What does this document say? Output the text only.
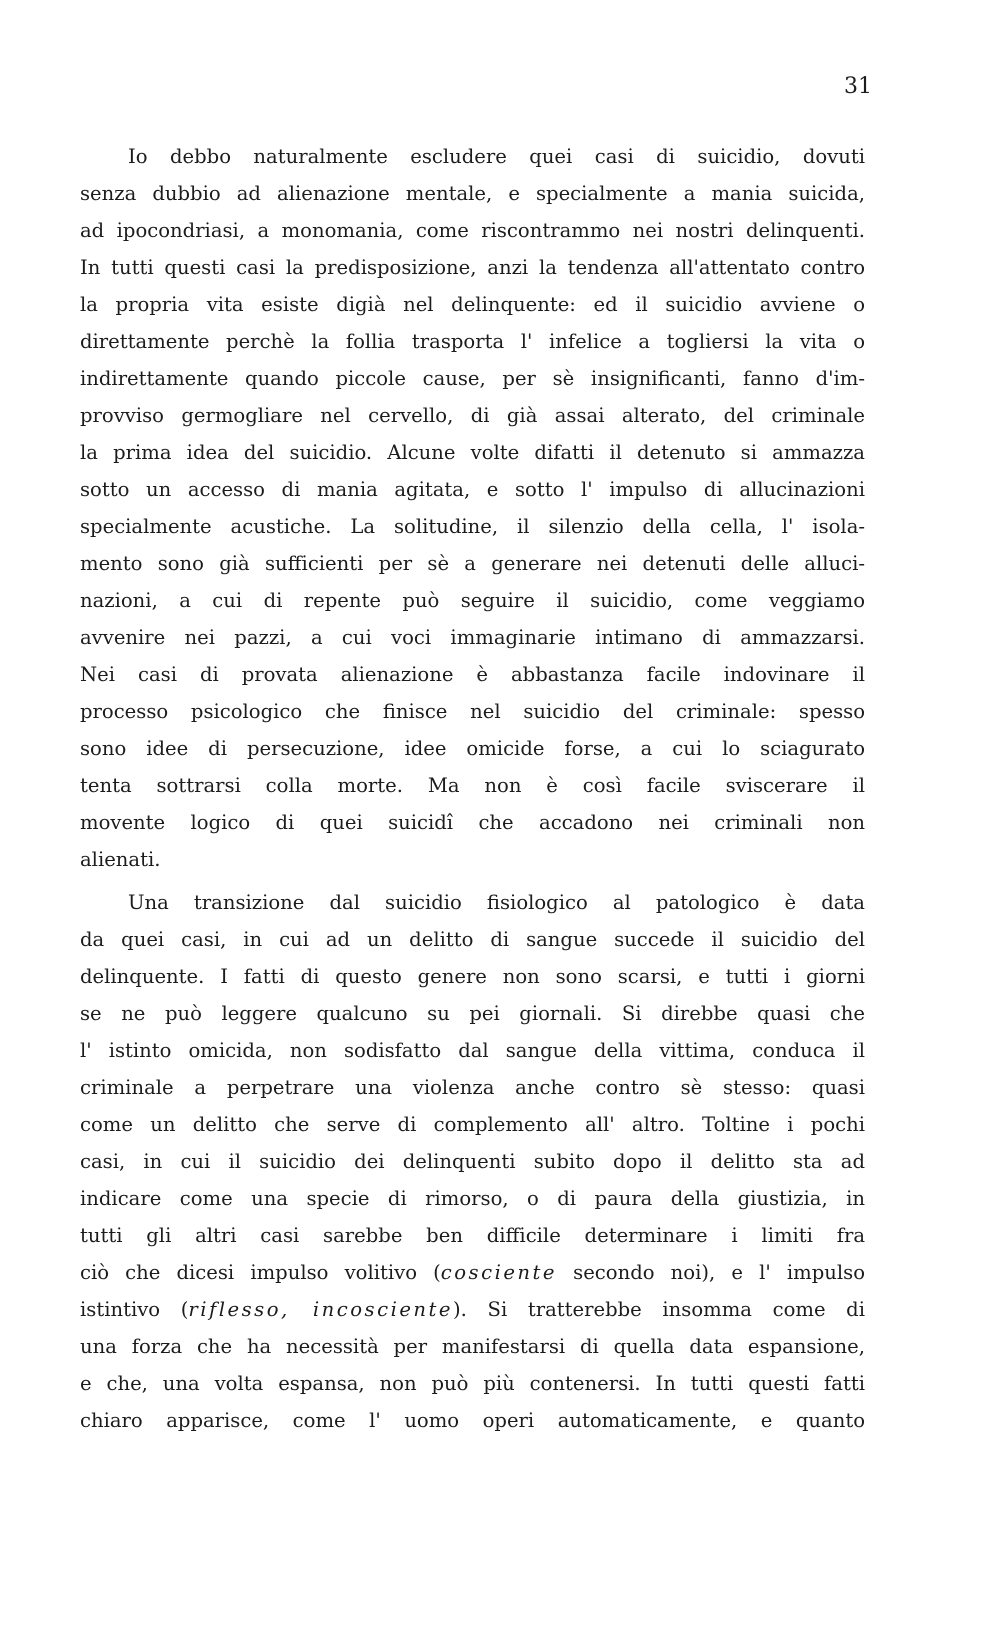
31
Io debbo naturalmente escludere quei casi di suicidio, dovuti
senza dubbio ad alienazione mentale, e specialmente a mania suicida,
ad ipocondriasi, a monomania, come riscontrammo nei nostri delinquenti.
In tutti questi casi la predisposizione, anzi la tendenza all'attentato contro
la propria vita esiste digià nel delinquente: ed il suicidio avviene o
direttamente perchè la follia trasporta l' infelice a togliersi la vita o
indirettamente quando piccole cause, per sè insignificanti, fanno d'im-
provviso germogliare nel cervello, di già assai alterato, del criminale
la prima idea del suicidio. Alcune volte difatti il detenuto si ammazza
sotto un accesso di mania agitata, e sotto l' impulso di allucinazioni
specialmente acustiche. La solitudine, il silenzio della cella, l' isola-
mento sono già sufficienti per sè a generare nei detenuti delle alluci-
nazioni, a cui di repente può seguire il suicidio, come veggiamo
avvenire nei pazzi, a cui voci immaginarie intimano di ammazzarsi.
Nei casi di provata alienazione è abbastanza facile indovinare il
processo psicologico che finisce nel suicidio del criminale: spesso
sono idee di persecuzione, idee omicide forse, a cui lo sciagurato
tenta sottrarsi colla morte. Ma non è così facile sviscerare il
movente logico di quei suicidî che accadono nei criminali non
alienati.
Una transizione dal suicidio fisiologico al patologico è data
da quei casi, in cui ad un delitto di sangue succede il suicidio del
delinquente. I fatti di questo genere non sono scarsi, e tutti i giorni
se ne può leggere qualcuno su pei giornali. Si direbbe quasi che
l' istinto omicida, non sodisfatto dal sangue della vittima, conduca il
criminale a perpetrare una violenza anche contro sè stesso: quasi
come un delitto che serve di complemento all' altro. Toltine i pochi
casi, in cui il suicidio dei delinquenti subito dopo il delitto sta ad
indicare come una specie di rimorso, o di paura della giustizia, in
tutti gli altri casi sarebbe ben difficile determinare i limiti fra
ciò che dicesi impulso volitivo (cosciente secondo noi), e l' impulso
istintivo (riflesso, incosciente). Si tratterebbe insomma come di
una forza che ha necessità per manifestarsi di quella data espansione,
e che, una volta espansa, non può più contenersi. In tutti questi fatti
chiaro apparisce, come l' uomo operi automaticamente, e quanto
